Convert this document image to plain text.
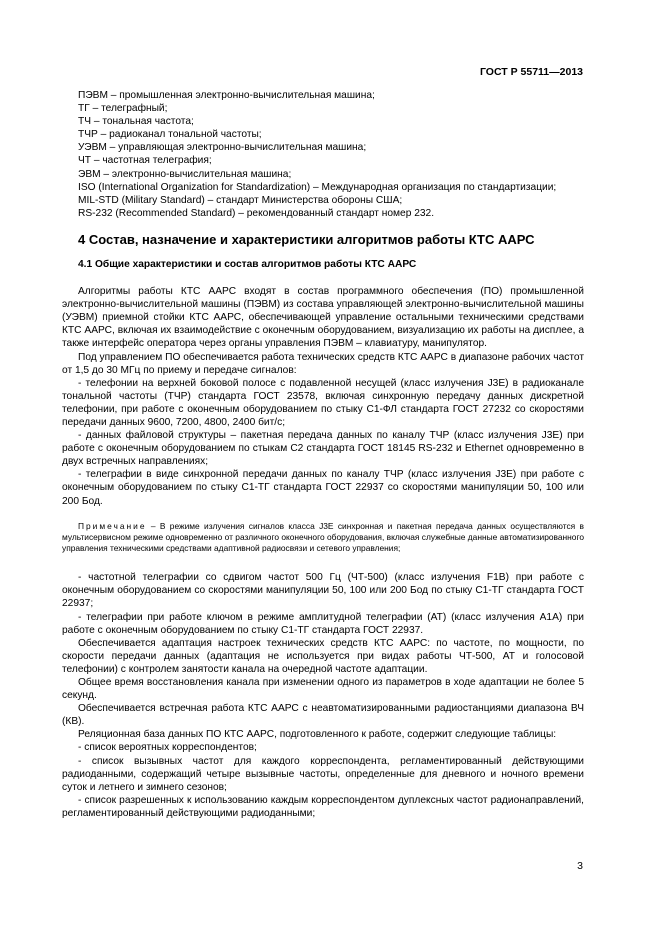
ГОСТ Р 55711—2013

ПЭВМ – промышленная электронно-вычислительная машина;

ТГ – телеграфный;

ТЧ – тональная частота;

ТЧР – радиоканал тональной частоты;

УЭВМ – управляющая электронно-вычислительная машина;

ЧТ – частотная телеграфия;

ЭВМ – электронно-вычислительная машина;

ISO (International Organization for Standardization) – Международная организация по стандартизации;

MIL-STD (Military Standard) – стандарт Министерства обороны США;

RS-232 (Recommended Standard) – рекомендованный стандарт номер 232.

4 Состав, назначение и характеристики алгоритмов работы КТС ААРС

4.1 Общие характеристики и состав алгоритмов работы КТС ААРС

Алгоритмы работы КТС ААРС входят в состав программного обеспечения (ПО) промышленной электронно-вычислительной машины (ПЭВМ) из состава управляющей электронно-вычислительной машины (УЭВМ) приемной стойки КТС ААРС, обеспечивающей управление остальными техническими средствами КТС ААРС, включая их взаимодействие с оконечным оборудованием, визуализацию их работы на дисплее, а также интерфейс оператора через органы управления ПЭВМ – клавиатуру, манипулятор.

Под управлением ПО обеспечивается работа технических средств КТС ААРС в диапазоне рабочих частот от 1,5 до 30 МГц по приему и передаче сигналов:

- телефонии на верхней боковой полосе с подавленной несущей (класс излучения J3E) в радиоканале тональной частоты (ТЧР) стандарта ГОСТ 23578, включая синхронную передачу данных дискретной телефонии, при работе с оконечным оборудованием по стыку С1-ФЛ стандарта ГОСТ 27232 со скоростями передачи данных 9600, 7200, 4800, 2400 бит/с;

- данных файловой структуры – пакетная передача данных по каналу ТЧР (класс излучения J3E) при работе с оконечным оборудованием по стыкам С2 стандарта ГОСТ 18145 RS-232 и Ethernet одновременно в двух встречных направлениях;

- телеграфии в виде синхронной передачи данных по каналу ТЧР (класс излучения J3E) при работе с оконечным оборудованием по стыку С1-ТГ стандарта ГОСТ 22937 со скоростями манипуляции 50, 100 или 200 Бод.

Примечание – В режиме излучения сигналов класса J3E синхронная и пакетная передача данных осуществляются в мультисервисном режиме одновременно от различного оконечного оборудования, включая служебные данные автоматизированного управления техническими средствами адаптивной радиосвязи и сетевого управления;

- частотной телеграфии со сдвигом частот 500 Гц (ЧТ-500) (класс излучения F1B) при работе с оконечным оборудованием со скоростями манипуляции 50, 100 или 200 Бод по стыку С1-ТГ стандарта ГОСТ 22937;

- телеграфии при работе ключом в режиме амплитудной телеграфии (АТ) (класс излучения A1A) при работе с оконечным оборудованием по стыку С1-ТГ стандарта ГОСТ 22937.

Обеспечивается адаптация настроек технических средств КТС ААРС: по частоте, по мощности, по скорости передачи данных (адаптация не используется при видах работы ЧТ-500, АТ и голосовой телефонии) с контролем занятости канала на очередной частоте адаптации.

Общее время восстановления канала при изменении одного из параметров в ходе адаптации не более 5 секунд.

Обеспечивается встречная работа КТС ААРС с неавтоматизированными радиостанциями диапазона ВЧ (КВ).

Реляционная база данных ПО КТС ААРС, подготовленного к работе, содержит следующие таблицы:

- список вероятных корреспондентов;

- список вызывных частот для каждого корреспондента, регламентированный действующими радиоданными, содержащий четыре вызывные частоты, определенные для дневного и ночного времени суток и летнего и зимнего сезонов;

- список разрешенных к использованию каждым корреспондентом дуплексных частот радионаправлений, регламентированный действующими радиоданными;

3
